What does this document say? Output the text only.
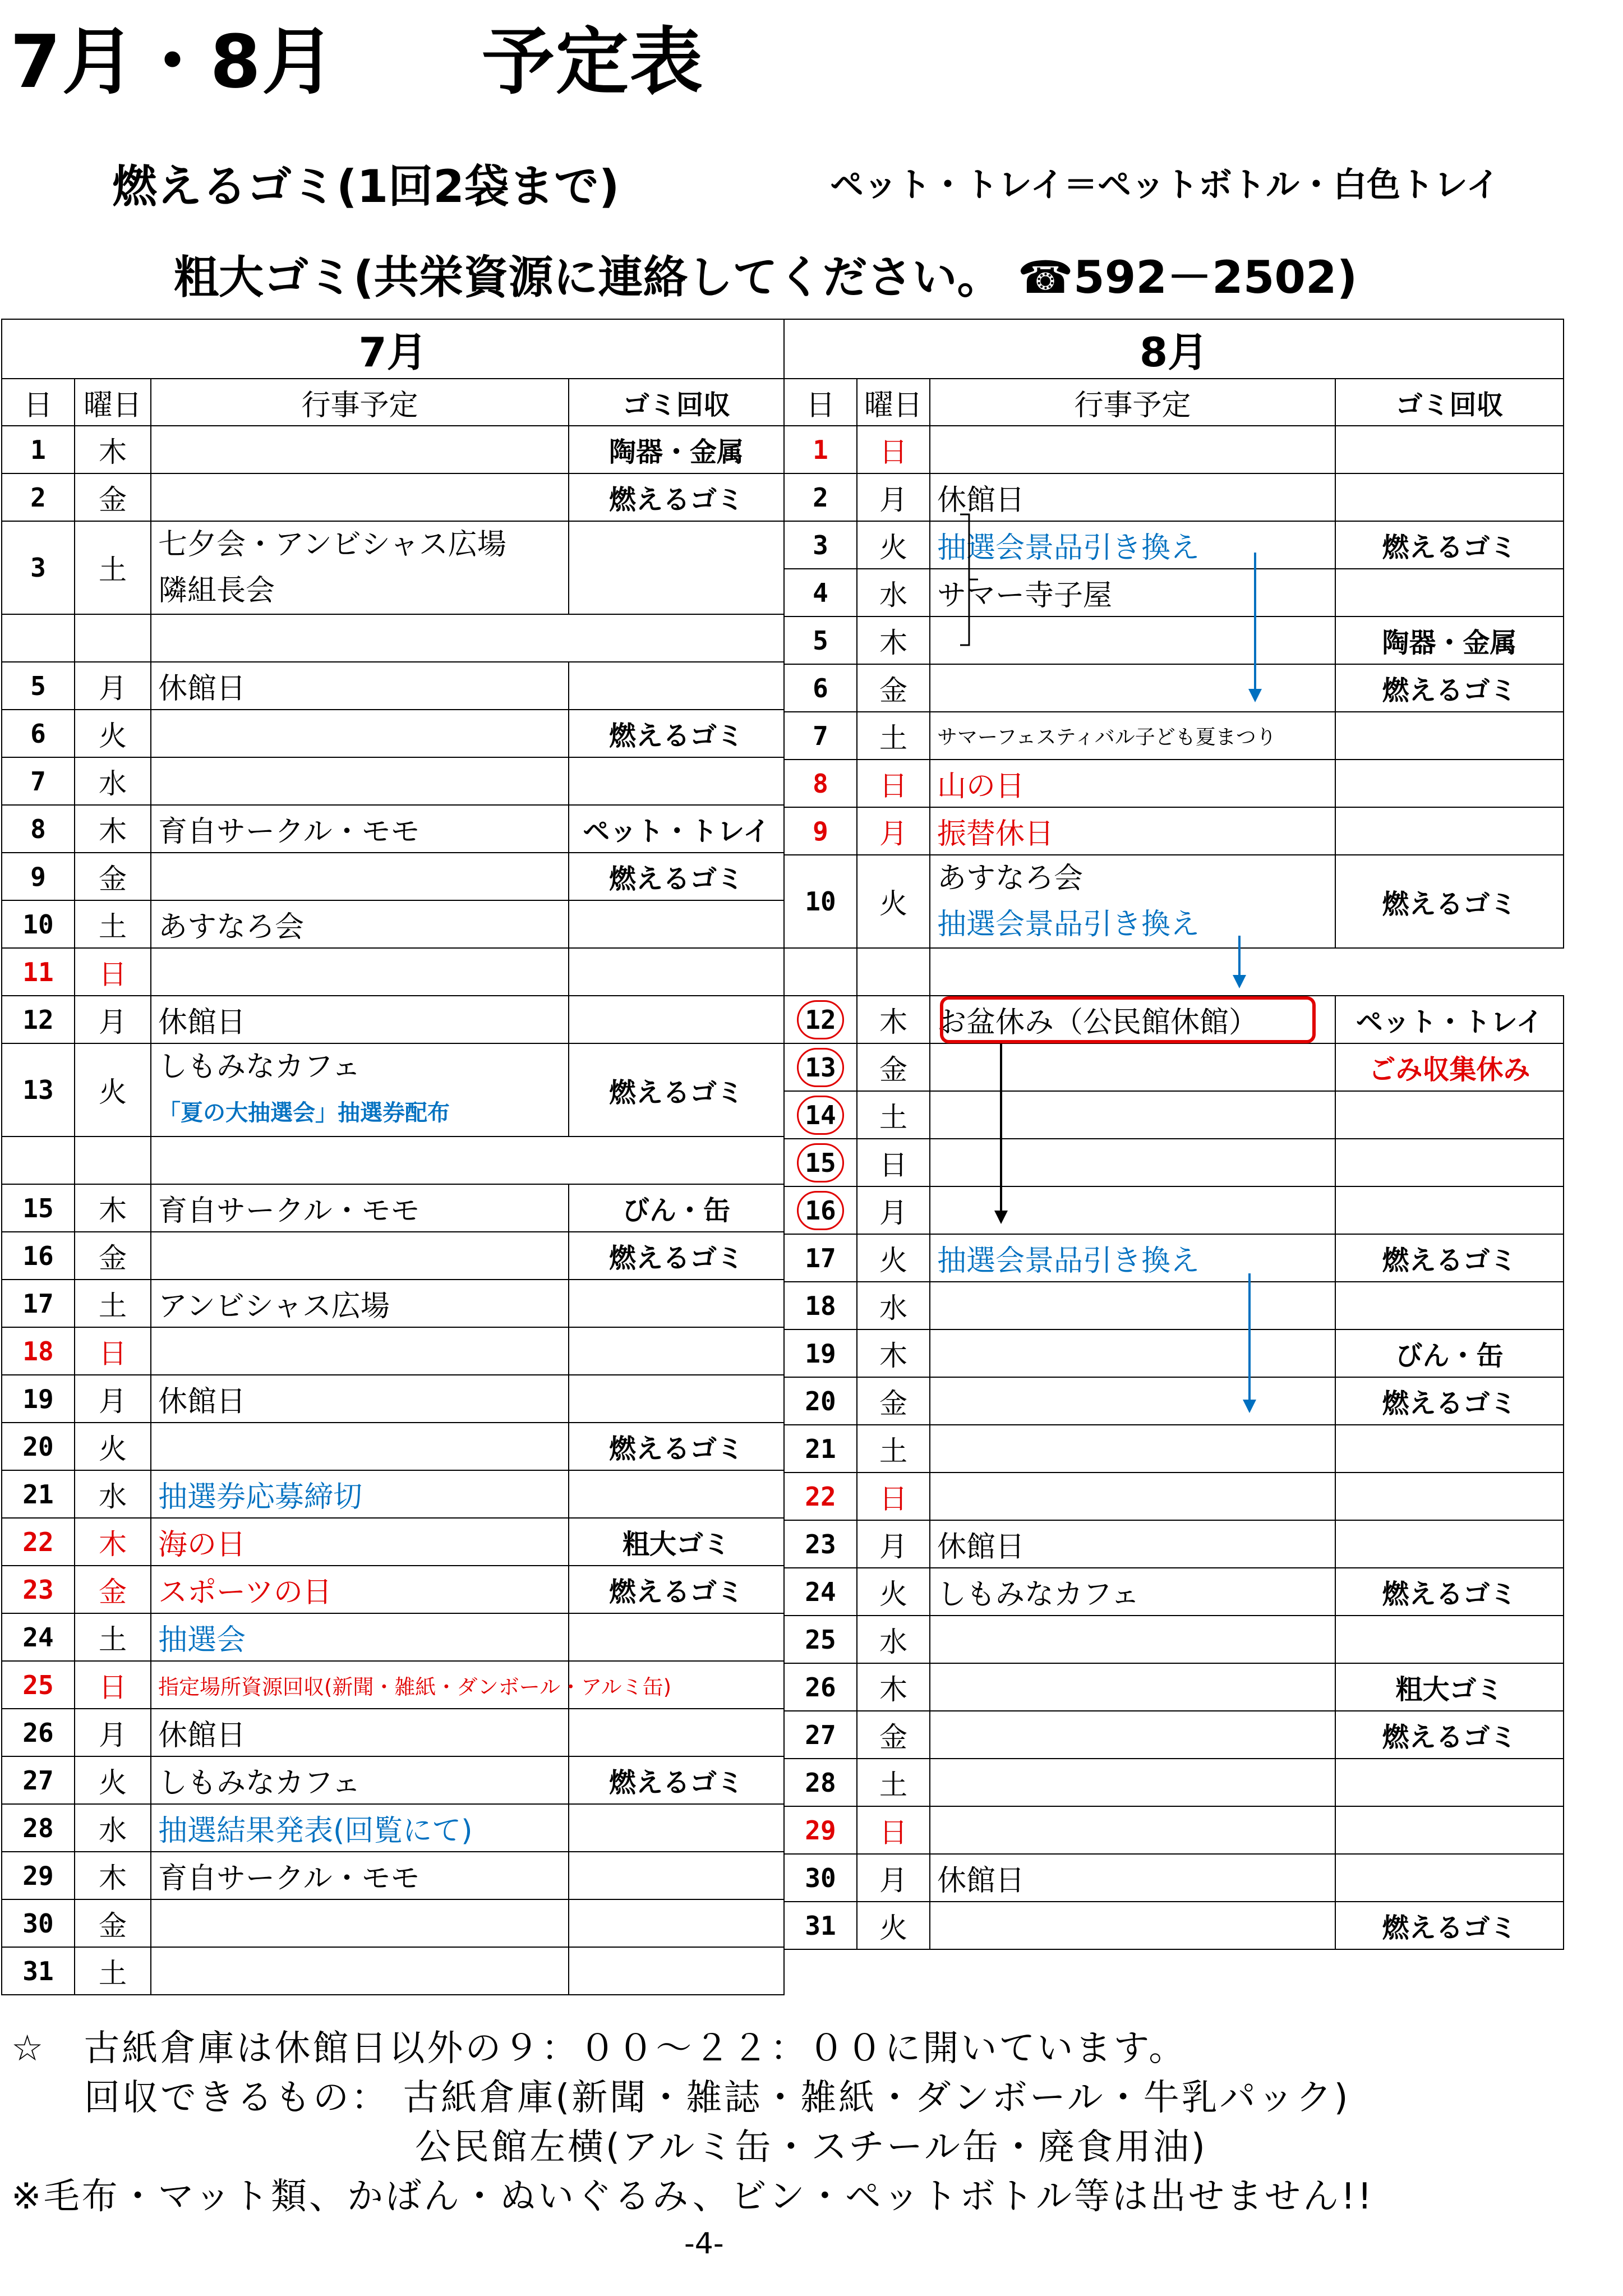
7月・8月 予定表
燃えるゴミ(1回2袋まで)	ペット・トレイ＝ペットボトル・白色トレイ
粗大ゴミ(共栄資源に連絡してください。 ☎592－2502)
7月			
日	曜日	行事予定	ゴミ回収
1	木		陶器・金属
2	金		燃えるゴミ
3	土	七夕会・アンビシャス広場
隣組長会	

5	月	休館日	
6	火		燃えるゴミ
7	水		
8	木	育自サークル・モモ	ペット・トレイ
9	金		燃えるゴミ
10	土	あすなろ会	
11	日		
12	月	休館日	
13	火	しもみなカフェ
「夏の大抽選会」抽選券配布	燃えるゴミ

15	木	育自サークル・モモ	びん・缶
16	金		燃えるゴミ
17	土	アンビシャス広場	
18	日		
19	月	休館日	
20	火		燃えるゴミ
21	水	抽選券応募締切	
22	木	海の日	粗大ゴミ
23	金	スポーツの日	燃えるゴミ
24	土	抽選会	
25	日	指定場所資源回収(新聞・雑紙・ダンボール・アルミ缶)	
26	月	休館日	
27	火	しもみなカフェ	燃えるゴミ
28	水	抽選結果発表(回覧にて)	
29	木	育自サークル・モモ	
30	金		
31	土		
8月			
日	曜日	行事予定	ゴミ回収
1	日		
2	月	休館日	
3	火	抽選会景品引き換え	燃えるゴミ
4	水	サマー寺子屋	
5	木		陶器・金属
6	金		燃えるゴミ
7	土	サマーフェスティバル子ども夏まつり	
8	日	山の日	
9	月	振替休日	
10	火	あすなろ会
抽選会景品引き換え	燃えるゴミ

12	木	お盆休み（公民館休館）	ペット・トレイ
13	金		ごみ収集休み
14	土		
15	日		
16	月		
17	火	抽選会景品引き換え	燃えるゴミ
18	水		
19	木		びん・缶
20	金		燃えるゴミ
21	土		
22	日		
23	月	休館日	
24	火	しもみなカフェ	燃えるゴミ
25	水		
26	木		粗大ゴミ
27	金		燃えるゴミ
28	土		
29	日		
30	月	休館日	
31	火		燃えるゴミ
☆　古紙倉庫は休館日以外の９：００～２２：００に開いています。
回収できるもの： 古紙倉庫(新聞・雑誌・雑紙・ダンボール・牛乳パック)
公民館左横(アルミ缶・スチール缶・廃食用油)
※毛布・マット類、かばん・ぬいぐるみ、ビン・ペットボトル等は出せません!!
-4-
